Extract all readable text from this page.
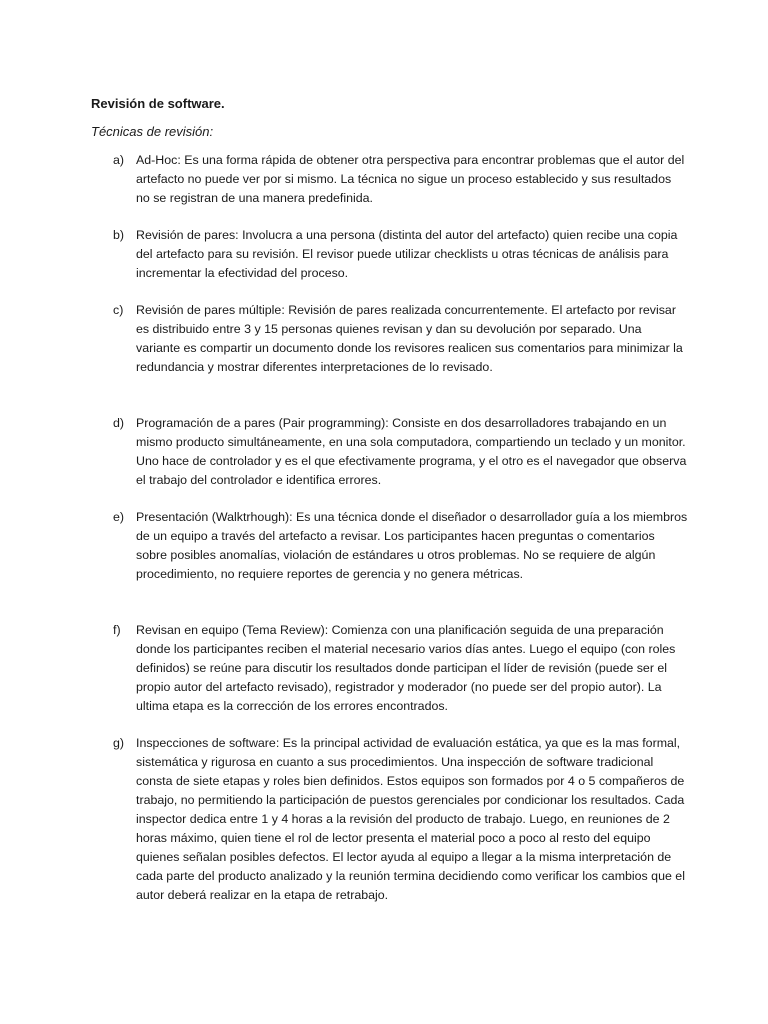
Revisión de software.
Técnicas de revisión:
a) Ad-Hoc: Es una forma rápida de obtener otra perspectiva para encontrar problemas que el autor del artefacto no puede ver por si mismo. La técnica no sigue un proceso establecido y sus resultados no se registran de una manera predefinida.
b) Revisión de pares: Involucra a una persona (distinta del autor del artefacto) quien recibe una copia del artefacto para su revisión. El revisor puede utilizar checklists u otras técnicas de análisis para incrementar la efectividad del proceso.
c)	Revisión de pares múltiple: Revisión de pares realizada concurrentemente. El artefacto por revisar es distribuido entre 3 y 15 personas quienes revisan y dan su devolución por separado. Una variante es compartir un documento donde los revisores realicen sus comentarios para minimizar la redundancia y mostrar diferentes interpretaciones de lo revisado.
d) Programación de a pares (Pair programming): Consiste en dos desarrolladores trabajando en un mismo producto simultáneamente, en una sola computadora, compartiendo un teclado y un monitor. Uno hace de controlador y es el que efectivamente programa, y el otro es el navegador que observa el trabajo del controlador e identifica errores.
e) Presentación (Walktrhough): Es una técnica donde el diseñador o desarrollador guía a los miembros de un equipo a través del artefacto a revisar. Los participantes hacen preguntas o comentarios sobre posibles anomalías, violación de estándares u otros problemas. No se requiere de algún procedimiento, no requiere reportes de gerencia y no genera métricas.
f)	Revisan en equipo (Tema Review): Comienza con una planificación seguida de una preparación donde los participantes reciben el material necesario varios días antes. Luego el equipo (con roles definidos) se reúne para discutir los resultados donde participan el líder de revisión (puede ser el propio autor del artefacto revisado), registrador y moderador (no puede ser del propio autor). La ultima etapa es la corrección de los errores encontrados.
g) Inspecciones de software: Es la principal actividad de evaluación estática, ya que es la mas formal, sistemática y rigurosa en cuanto a sus procedimientos. Una inspección de software tradicional consta de siete etapas y roles bien definidos. Estos equipos son formados por 4 o 5 compañeros de trabajo, no permitiendo la participación de puestos gerenciales por condicionar los resultados. Cada inspector dedica entre 1 y 4 horas a la revisión del producto de trabajo. Luego, en reuniones de 2 horas máximo, quien tiene el rol de lector presenta el material poco a poco al resto del equipo quienes señalan posibles defectos. El lector ayuda al equipo a llegar a la misma interpretación de cada parte del producto analizado y la reunión termina decidiendo como verificar los cambios que el autor deberá realizar en la etapa de retrabajo.
